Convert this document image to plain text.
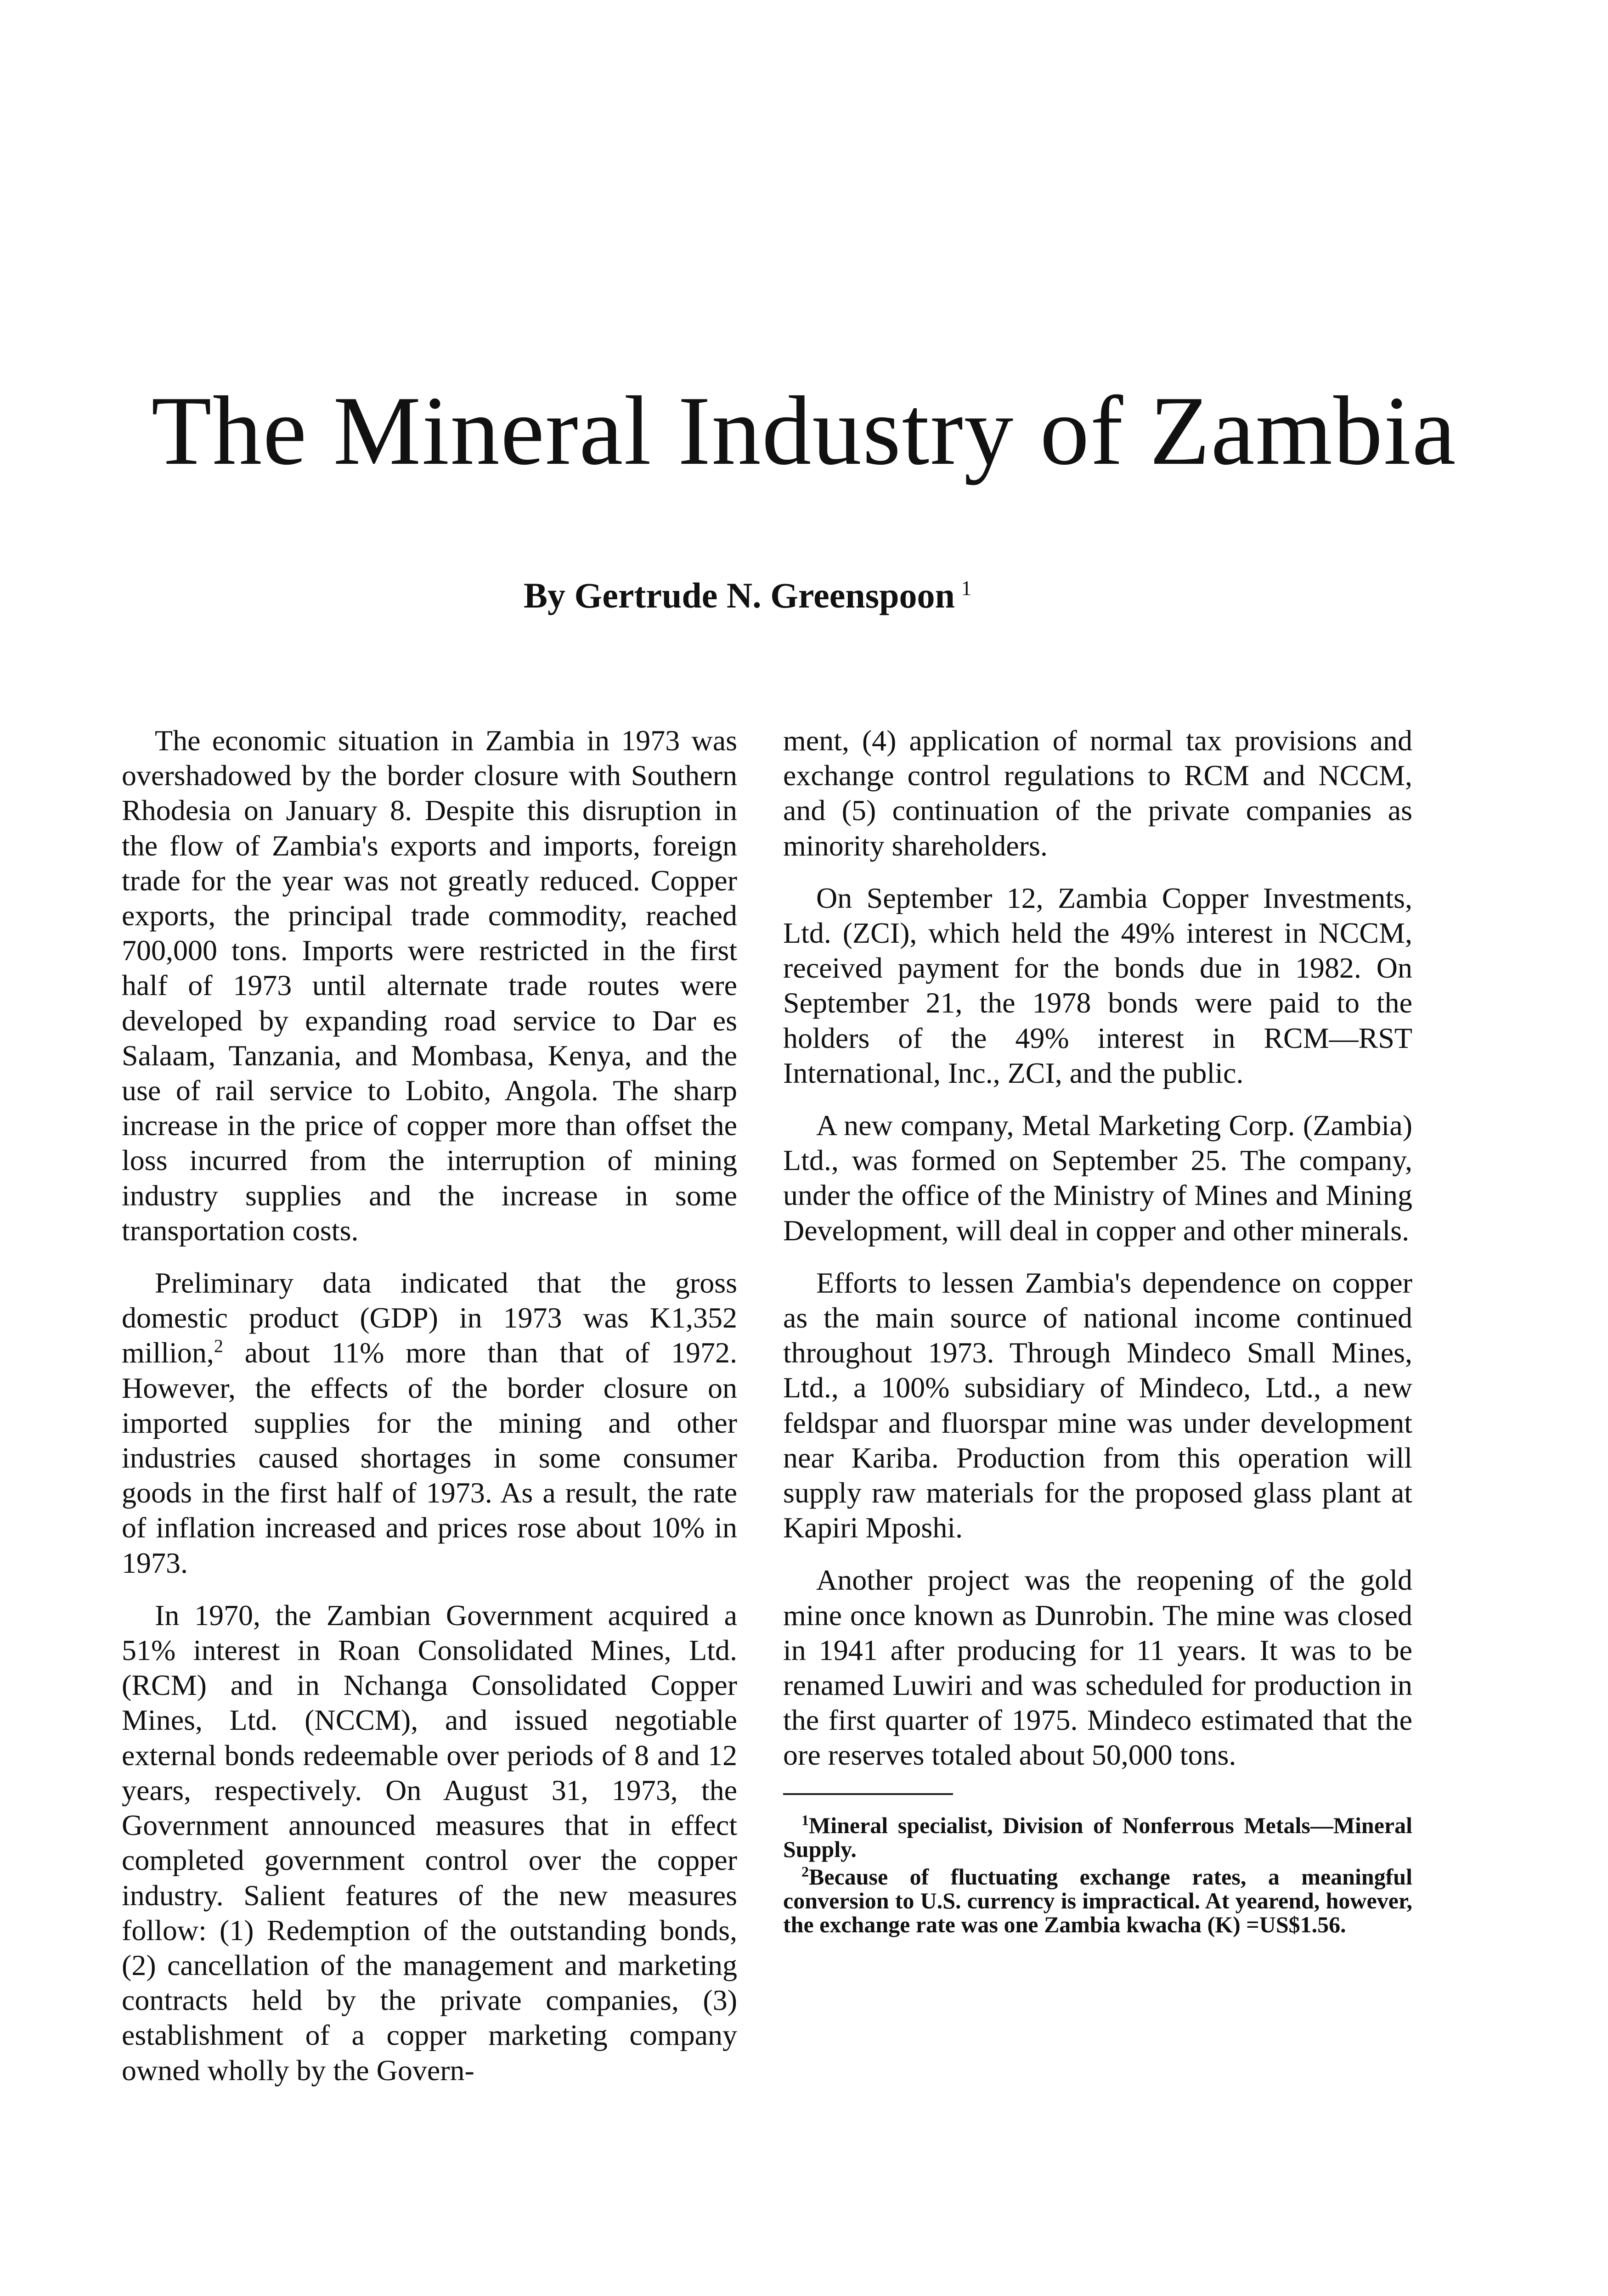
The Mineral Industry of Zambia
By Gertrude N. Greenspoon $^1$

The economic situation in Zambia in 1973 was overshadowed by the border closure with Southern Rhodesia on January 8. Despite this disruption in the flow of Zambia's exports and imports, foreign trade for the year was not greatly reduced. Copper exports, the principal trade commodity, reached 700,000 tons. Imports were restricted in the first half of 1973 until alternate trade routes were developed by expanding road service to Dar es Salaam, Tanzania, and Mombasa, Kenya, and the use of rail service to Lobito, Angola. The sharp increase in the price of copper more than offset the loss incurred from the interruption of mining industry supplies and the increase in some transportation costs.

Preliminary data indicated that the gross domestic product (GDP) in 1973 was K1,352 million,$^2$ about 11% more than that of 1972. However, the effects of the border closure on imported supplies for the mining and other industries caused shortages in some consumer goods in the first half of 1973. As a result, the rate of inflation increased and prices rose about 10% in 1973.

In 1970, the Zambian Government acquired a 51% interest in Roan Consolidated Mines, Ltd. (RCM) and in Nchanga Consolidated Copper Mines, Ltd. (NCCM), and issued negotiable external bonds redeemable over periods of 8 and 12 years, respectively. On August 31, 1973, the Government announced measures that in effect completed government control over the copper industry. Salient features of the new measures follow: (1) Redemption of the outstanding bonds, (2) cancellation of the management and marketing contracts held by the private companies, (3) establishment of a copper marketing company owned wholly by the Govern-

ment, (4) application of normal tax provisions and exchange control regulations to RCM and NCCM, and (5) continuation of the private companies as minority shareholders.

On September 12, Zambia Copper Investments, Ltd. (ZCI), which held the 49% interest in NCCM, received payment for the bonds due in 1982. On September 21, the 1978 bonds were paid to the holders of the 49% interest in RCM—RST International, Inc., ZCI, and the public.

A new company, Metal Marketing Corp. (Zambia) Ltd., was formed on September 25. The company, under the office of the Ministry of Mines and Mining Development, will deal in copper and other minerals.

Efforts to lessen Zambia's dependence on copper as the main source of national income continued throughout 1973. Through Mindeco Small Mines, Ltd., a 100% subsidiary of Mindeco, Ltd., a new feldspar and fluorspar mine was under development near Kariba. Production from this operation will supply raw materials for the proposed glass plant at Kapiri Mposhi.

Another project was the reopening of the gold mine once known as Dunrobin. The mine was closed in 1941 after producing for 11 years. It was to be renamed Luwiri and was scheduled for production in the first quarter of 1975. Mindeco estimated that the ore reserves totaled about 50,000 tons.

$^1$Mineral specialist, Division of Nonferrous Metals—Mineral Supply.

$^2$Because of fluctuating exchange rates, a meaningful conversion to U.S. currency is impractical. At yearend, however, the exchange rate was one Zambia kwacha (K) =US$1.56.
